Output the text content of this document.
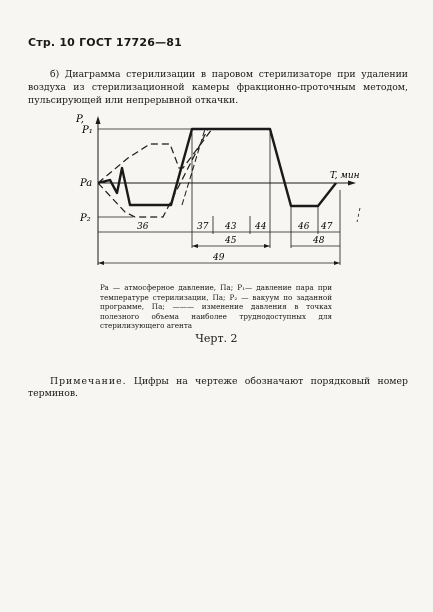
Стр. 10 ГОСТ 17726—81
б) Диаграмма стерилизации в паровом стерилизаторе при удалении воздуха из стерилизационной камеры фракционно-проточным методом, пульсирующей или непрерывной откачки.
P,
P₁
Pa
P₂
T, мин
36	37 43 44	46 47
45	48
49
Pa — атмосферное давление, Па; P₁— давление пара при температуре стерилизации, Па; P₂ — вакуум по заданной программе, Па; ——— изменение давления в точках полезного объема наиболее труднодоступных для стерилизующего агента
Черт. 2
Примечание. Цифры на чертеже обозначают порядковый номер терминов.
